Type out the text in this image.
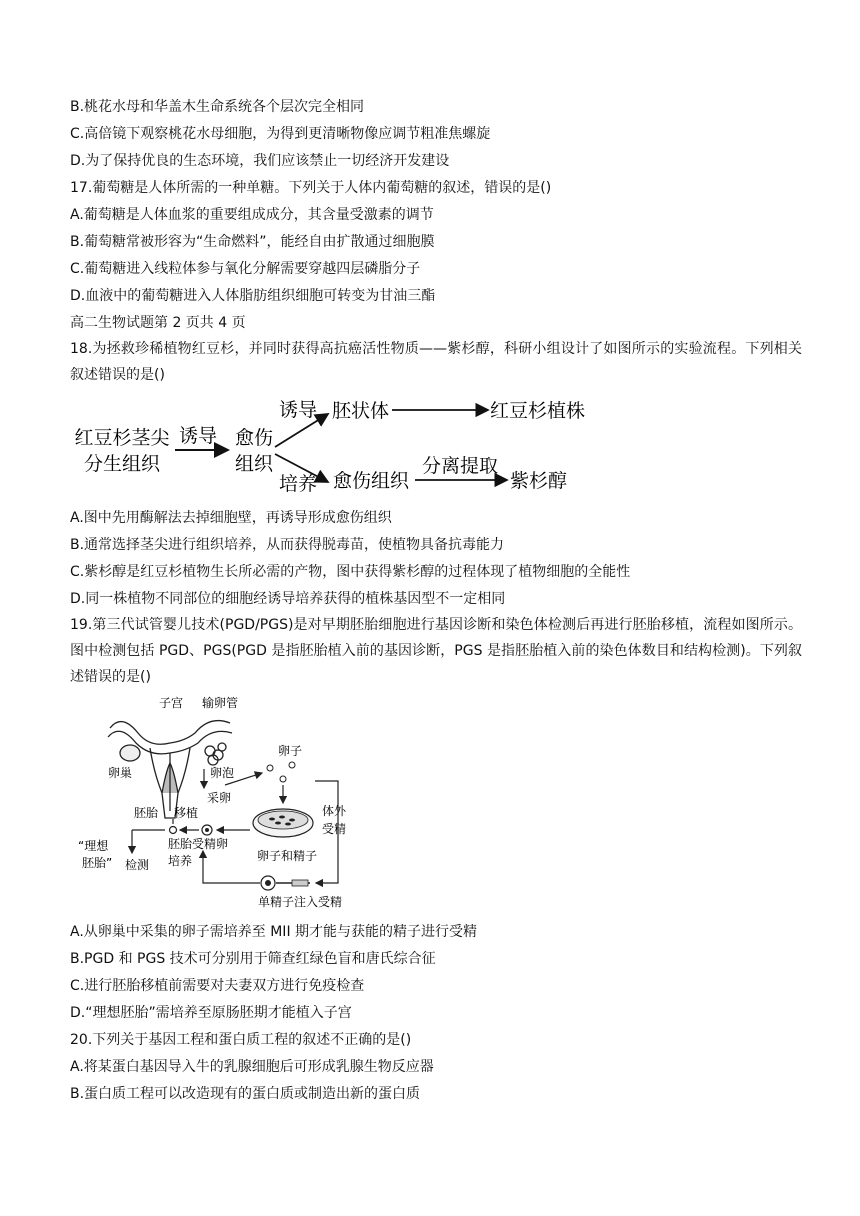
B.桃花水母和华盖木生命系统各个层次完全相同
C.高倍镜下观察桃花水母细胞，为得到更清晰物像应调节粗准焦螺旋
D.为了保持优良的生态环境，我们应该禁止一切经济开发建设
17.葡萄糖是人体所需的一种单糖。下列关于人体内葡萄糖的叙述，错误的是()
A.葡萄糖是人体血浆的重要组成成分，其含量受激素的调节
B.葡萄糖常被形容为“生命燃料”，能经自由扩散通过细胞膜
C.葡萄糖进入线粒体参与氧化分解需要穿越四层磷脂分子
D.血液中的葡萄糖进入人体脂肪组织细胞可转变为甘油三酯
高二生物试题第 2 页共 4 页
18.为拯救珍稀植物红豆杉，并同时获得高抗癌活性物质——紫杉醇，科研小组设计了如图所示的实验流程。下列相关叙述错误的是()
红豆杉茎尖
分生组织
诱导 愈伤
组织
诱导
培养
胚状体	红豆杉植株
愈伤组织
分离提取
紫杉醇
A.图中先用酶解法去掉细胞壁，再诱导形成愈伤组织
B.通常选择茎尖进行组织培养，从而获得脱毒苗，使植物具备抗毒能力
C.紫杉醇是红豆杉植物生长所必需的产物，图中获得紫杉醇的过程体现了植物细胞的全能性
D.同一株植物不同部位的细胞经诱导培养获得的植株基因型不一定相同
19.第三代试管婴儿技术(PGD/PGS)是对早期胚胎细胞进行基因诊断和染色体检测后再进行胚胎移植，流程如图所示。图中检测包括 PGD、PGS(PGD 是指胚胎植入前的基因诊断，PGS 是指胚胎植入前的染色体数目和结构检测)。下列叙述错误的是()
子宫 输卵管
卵巢	卵泡
采卵
卵子
体外
受精
卵子和精子
胚胎 移植
受精卵
胚胎
培养
“理想
胚胎” 检测
单精子注入受精
A.从卵巢中采集的卵子需培养至 MII 期才能与获能的精子进行受精
B.PGD 和 PGS 技术可分别用于筛查红绿色盲和唐氏综合征
C.进行胚胎移植前需要对夫妻双方进行免疫检查
D.“理想胚胎”需培养至原肠胚期才能植入子宫
20.下列关于基因工程和蛋白质工程的叙述不正确的是()
A.将某蛋白基因导入牛的乳腺细胞后可形成乳腺生物反应器
B.蛋白质工程可以改造现有的蛋白质或制造出新的蛋白质
